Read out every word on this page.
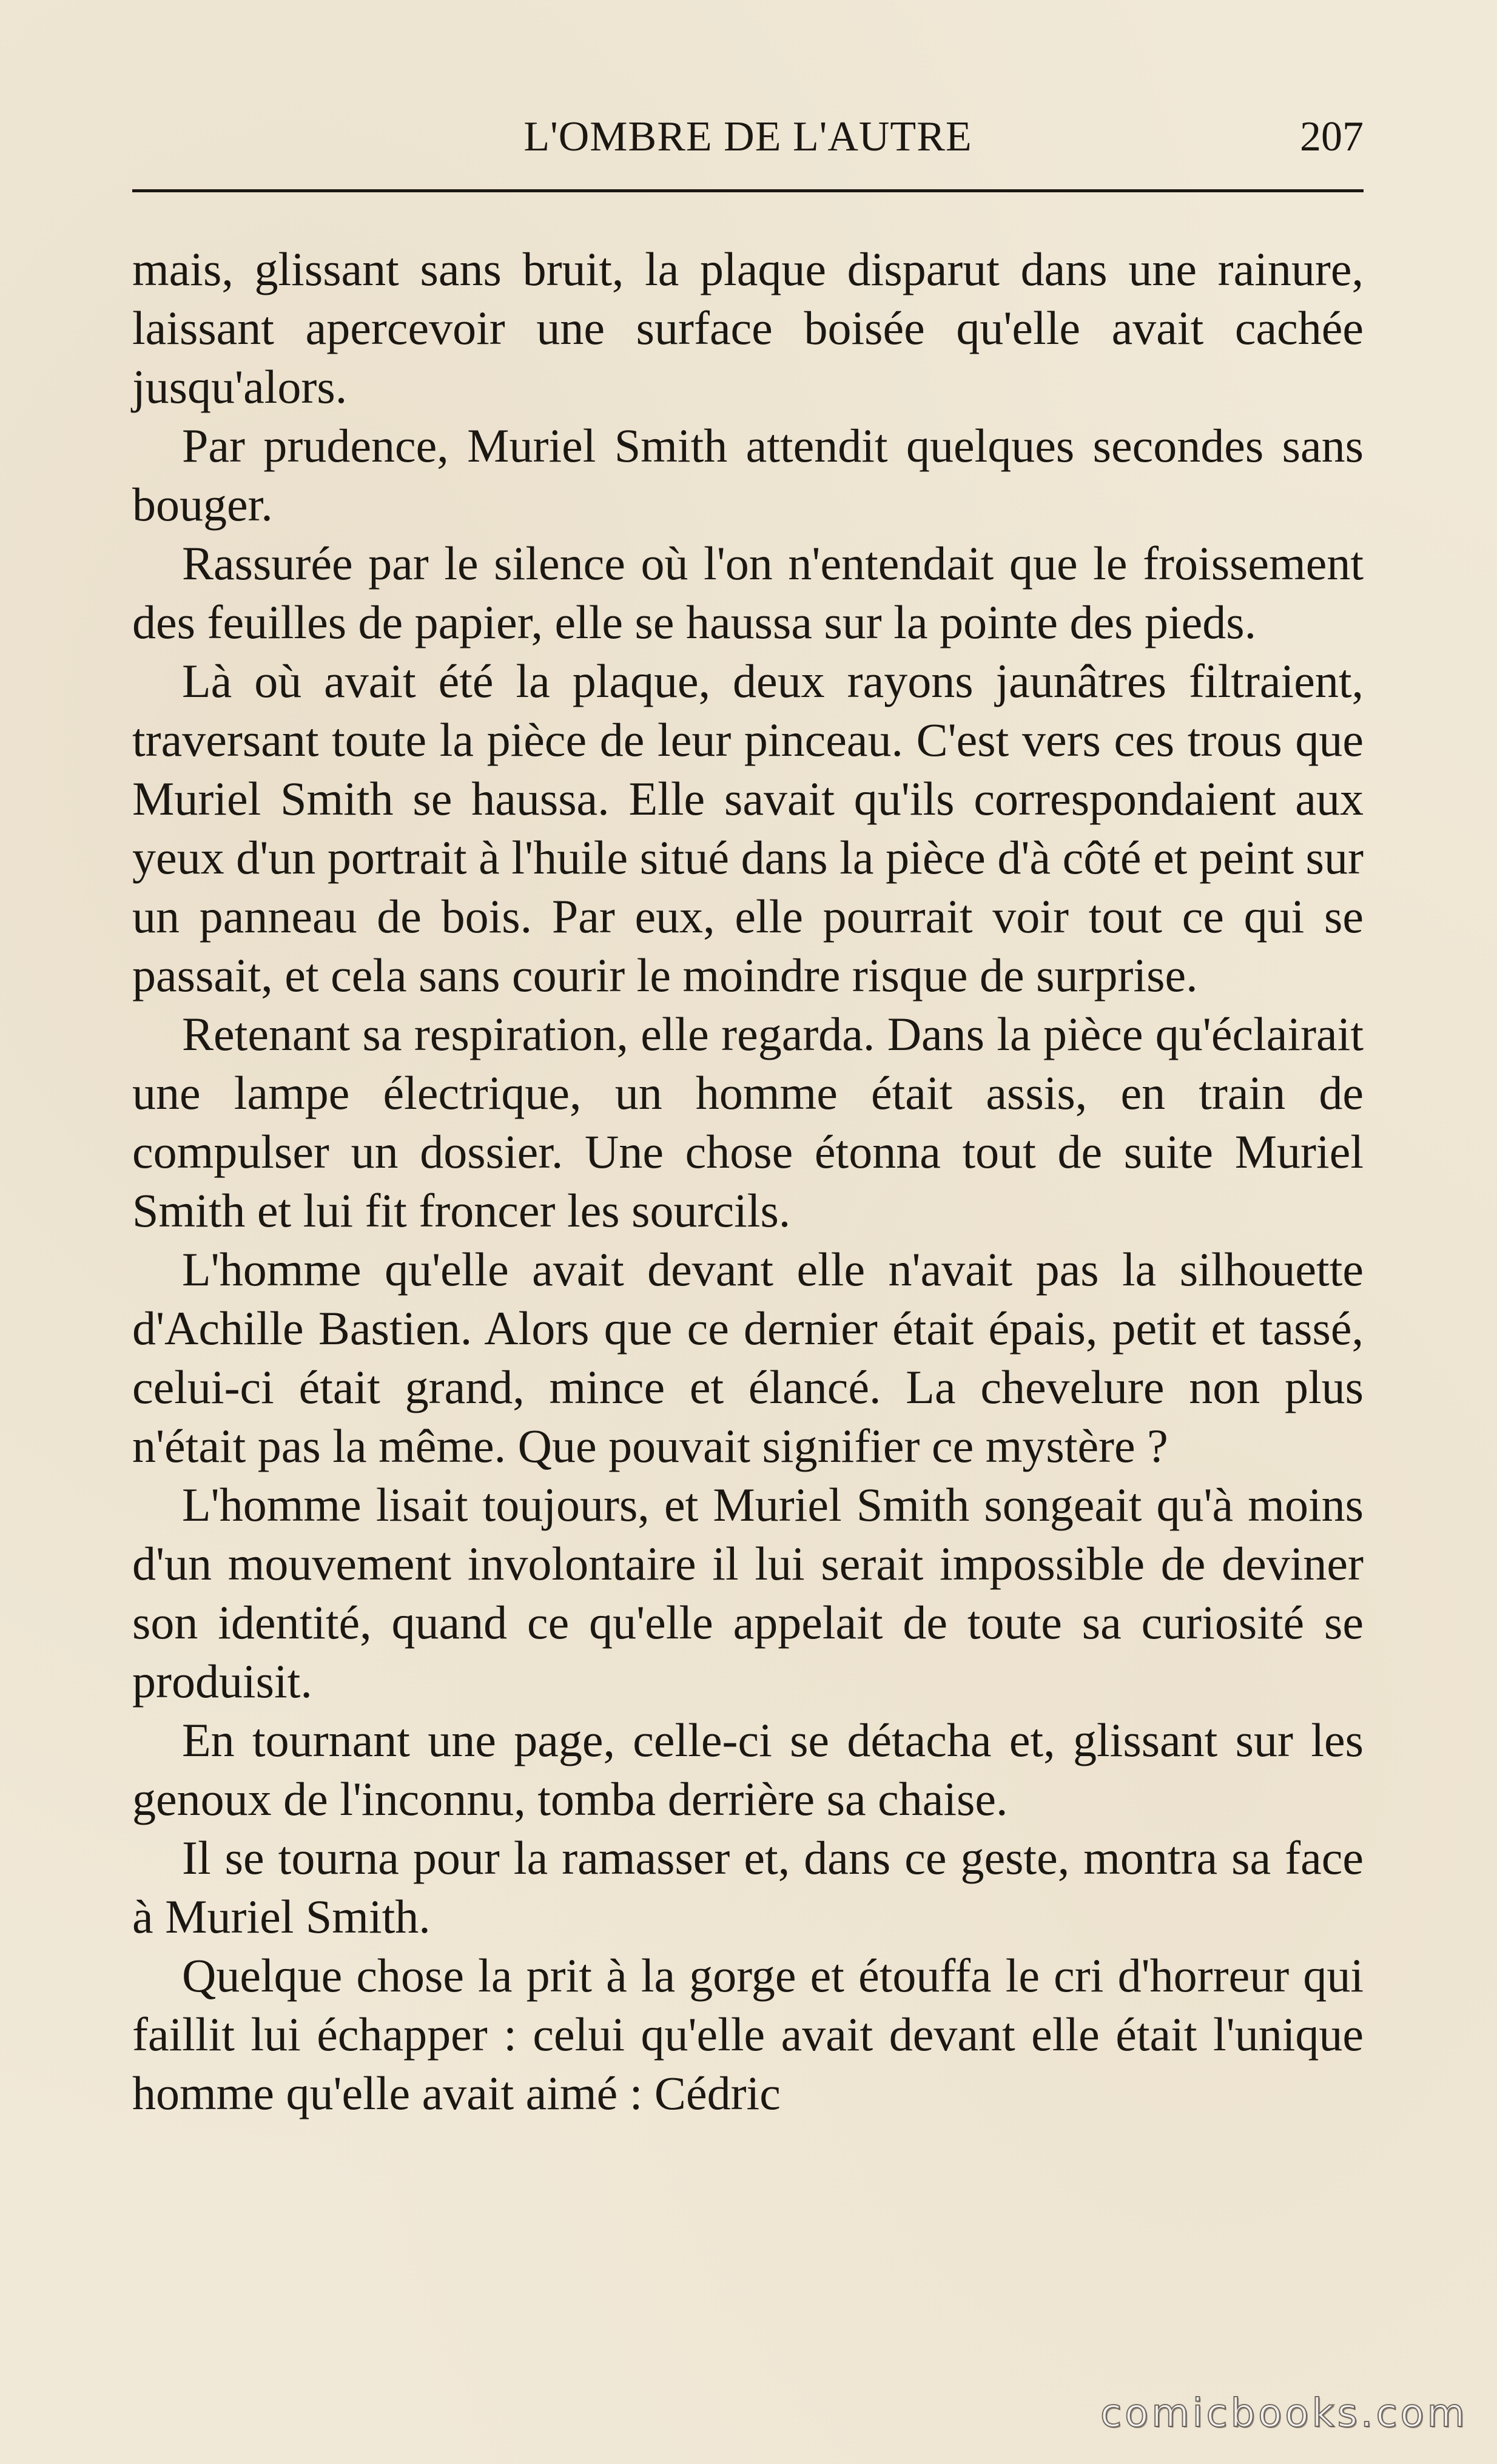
L'OMBRE DE L'AUTRE	207

mais, glissant sans bruit, la plaque disparut dans une rainure, laissant apercevoir une surface boisée qu'elle avait cachée jusqu'alors.

Par prudence, Muriel Smith attendit quelques secondes sans bouger.

Rassurée par le silence où l'on n'entendait que le froissement des feuilles de papier, elle se haussa sur la pointe des pieds.

Là où avait été la plaque, deux rayons jaunâtres filtraient, traversant toute la pièce de leur pinceau. C'est vers ces trous que Muriel Smith se haussa. Elle savait qu'ils correspondaient aux yeux d'un portrait à l'huile situé dans la pièce d'à côté et peint sur un panneau de bois. Par eux, elle pourrait voir tout ce qui se passait, et cela sans courir le moindre risque de surprise.

Retenant sa respiration, elle regarda. Dans la pièce qu'éclairait une lampe électrique, un homme était assis, en train de compulser un dossier. Une chose étonna tout de suite Muriel Smith et lui fit froncer les sourcils.

L'homme qu'elle avait devant elle n'avait pas la silhouette d'Achille Bastien. Alors que ce dernier était épais, petit et tassé, celui-ci était grand, mince et élancé. La chevelure non plus n'était pas la même. Que pouvait signifier ce mystère ?

L'homme lisait toujours, et Muriel Smith songeait qu'à moins d'un mouvement involontaire il lui serait impossible de deviner son identité, quand ce qu'elle appelait de toute sa curiosité se produisit.

En tournant une page, celle-ci se détacha et, glissant sur les genoux de l'inconnu, tomba derrière sa chaise.

Il se tourna pour la ramasser et, dans ce geste, montra sa face à Muriel Smith.

Quelque chose la prit à la gorge et étouffa le cri d'horreur qui faillit lui échapper : celui qu'elle avait devant elle était l'unique homme qu'elle avait aimé : Cédric

comicbooks.com
